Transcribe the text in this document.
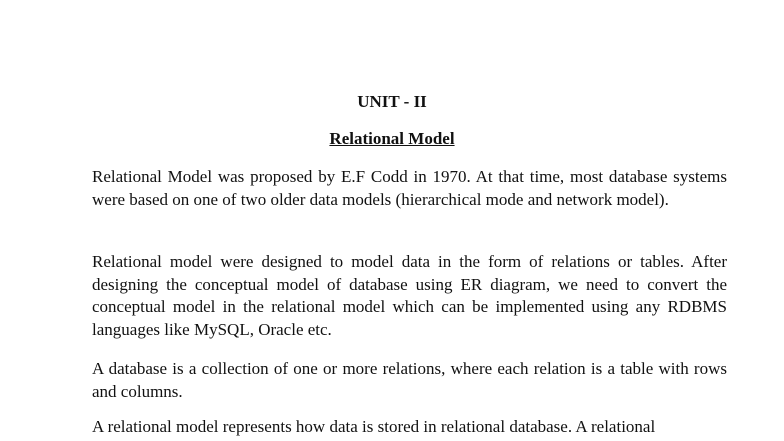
UNIT - II
Relational Model

Relational Model was proposed by E.F Codd in 1970. At that time, most database systems were based on one of two older data models (hierarchical mode and network model).

Relational model were designed to model data in the form of relations or tables. After designing the conceptual model of database using ER diagram, we need to convert the conceptual model in the relational model which can be implemented using any RDBMS languages like MySQL, Oracle etc.

A database is a collection of one or more relations, where each relation is a table with rows and columns.

A relational model represents how data is stored in relational database. A relational
